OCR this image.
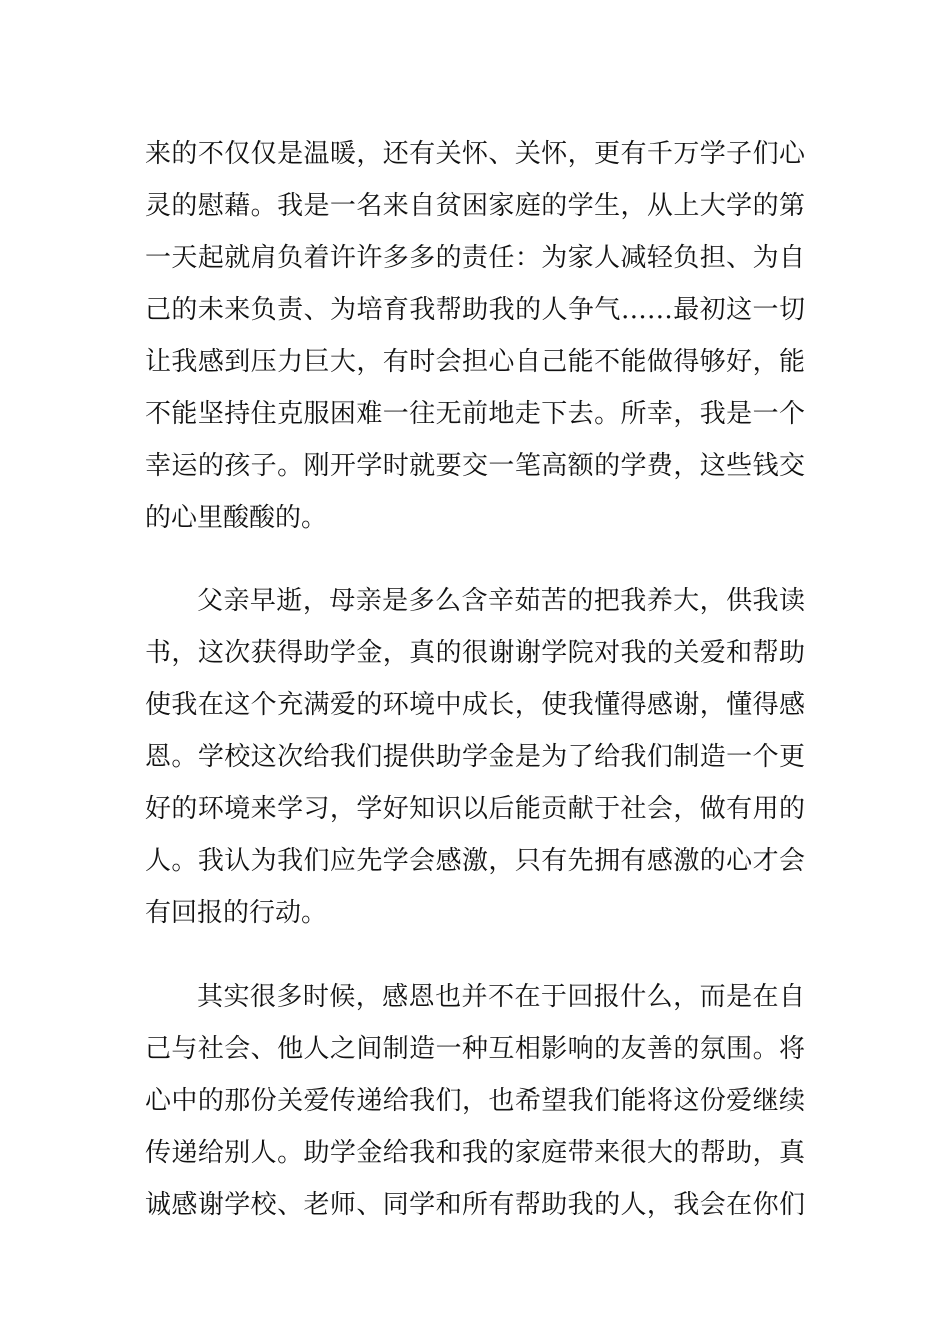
来的不仅仅是温暖，还有关怀、关怀，更有千万学子们心
灵的慰藉。我是一名来自贫困家庭的学生，从上大学的第
一天起就肩负着许许多多的责任：为家人减轻负担、为自
己的未来负责、为培育我帮助我的人争气……最初这一切
让我感到压力巨大，有时会担心自己能不能做得够好，能
不能坚持住克服困难一往无前地走下去。所幸，我是一个
幸运的孩子。刚开学时就要交一笔高额的学费，这些钱交
的心里酸酸的。
父亲早逝，母亲是多么含辛茹苦的把我养大，供我读
书，这次获得助学金，真的很谢谢学院对我的关爱和帮助
使我在这个充满爱的环境中成长，使我懂得感谢，懂得感
恩。学校这次给我们提供助学金是为了给我们制造一个更
好的环境来学习，学好知识以后能贡献于社会，做有用的
人。我认为我们应先学会感激，只有先拥有感激的心才会
有回报的行动。
其实很多时候，感恩也并不在于回报什么，而是在自
己与社会、他人之间制造一种互相影响的友善的氛围。将
心中的那份关爱传递给我们，也希望我们能将这份爱继续
传递给别人。助学金给我和我的家庭带来很大的帮助，真
诚感谢学校、老师、同学和所有帮助我的人，我会在你们
